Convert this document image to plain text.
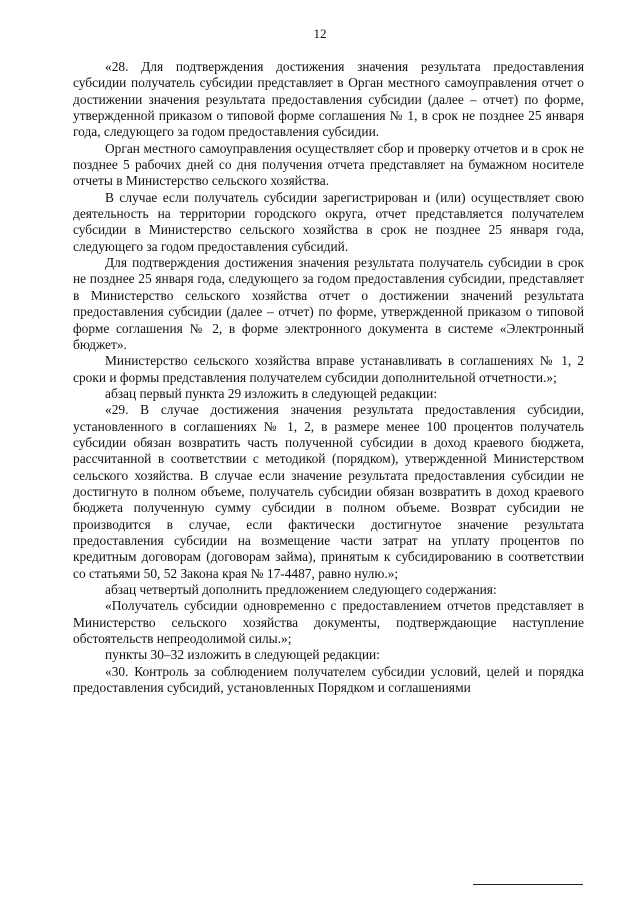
12

«28. Для подтверждения достижения значения результата предоставления субсидии получатель субсидии представляет в Орган местного самоуправления отчет о достижении значения результата предоставления субсидии (далее – отчет) по форме, утвержденной приказом о типовой форме соглашения № 1, в срок не позднее 25 января года, следующего за годом предоставления субсидии.

Орган местного самоуправления осуществляет сбор и проверку отчетов и в срок не позднее 5 рабочих дней со дня получения отчета представляет на бумажном носителе отчеты в Министерство сельского хозяйства.

В случае если получатель субсидии зарегистрирован и (или) осуществляет свою деятельность на территории городского округа, отчет представляется получателем субсидии в Министерство сельского хозяйства в срок не позднее 25 января года, следующего за годом предоставления субсидий.

Для подтверждения достижения значения результата получатель субсидии в срок не позднее 25 января года, следующего за годом предоставления субсидии, представляет в Министерство сельского хозяйства отчет о достижении значений результата предоставления субсидии (далее – отчет) по форме, утвержденной приказом о типовой форме соглашения № 2, в форме электронного документа в системе «Электронный бюджет».

Министерство сельского хозяйства вправе устанавливать в соглашениях № 1, 2 сроки и формы представления получателем субсидии дополнительной отчетности.»;

абзац первый пункта 29 изложить в следующей редакции:

«29. В случае достижения значения результата предоставления субсидии, установленного в соглашениях № 1, 2, в размере менее 100 процентов получатель субсидии обязан возвратить часть полученной субсидии в доход краевого бюджета, рассчитанной в соответствии с методикой (порядком), утвержденной Министерством сельского хозяйства. В случае если значение результата предоставления субсидии не достигнуто в полном объеме, получатель субсидии обязан возвратить в доход краевого бюджета полученную сумму субсидии в полном объеме. Возврат субсидии не производится в случае, если фактически достигнутое значение результата предоставления субсидии на возмещение части затрат на уплату процентов по кредитным договорам (договорам займа), принятым к субсидированию в соответствии со статьями 50, 52 Закона края № 17-4487, равно нулю.»;

абзац четвертый дополнить предложением следующего содержания:

«Получатель субсидии одновременно с предоставлением отчетов представляет в Министерство сельского хозяйства документы, подтверждающие наступление обстоятельств непреодолимой силы.»;

пункты 30–32 изложить в следующей редакции:

«30. Контроль за соблюдением получателем субсидии условий, целей и порядка предоставления субсидий, установленных Порядком и соглашениями
